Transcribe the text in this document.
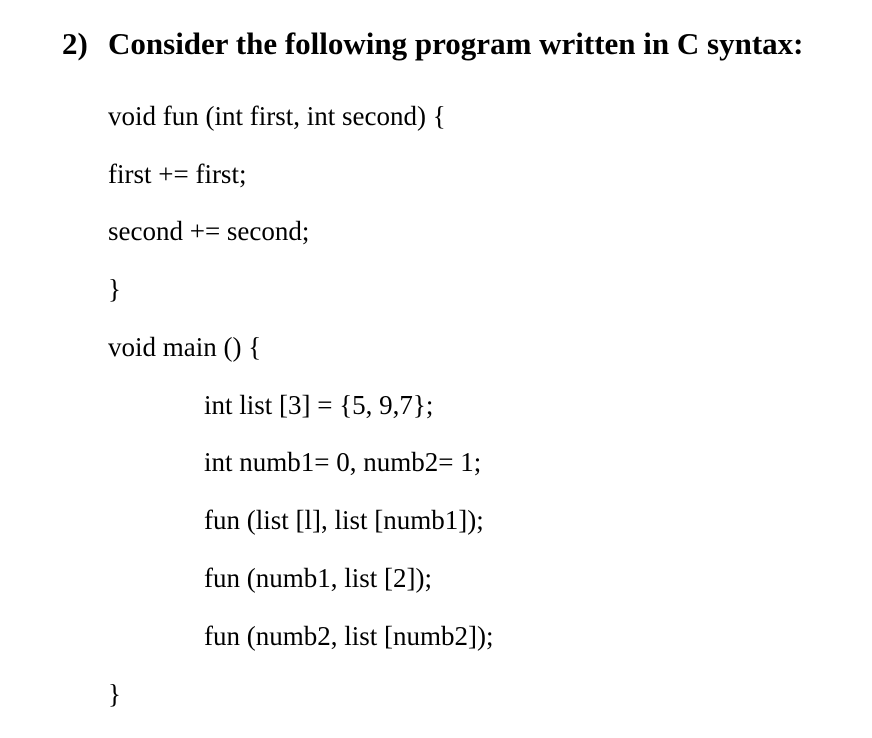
2) Consider the following program written in C syntax:
void fun (int first, int second) {
first += first;
second += second;
}
void main () {
int list [3] = {5, 9,7};
int numb1= 0, numb2= 1;
fun (list [l], list [numb1]);
fun (numb1, list [2]);
fun (numb2, list [numb2]);
}
